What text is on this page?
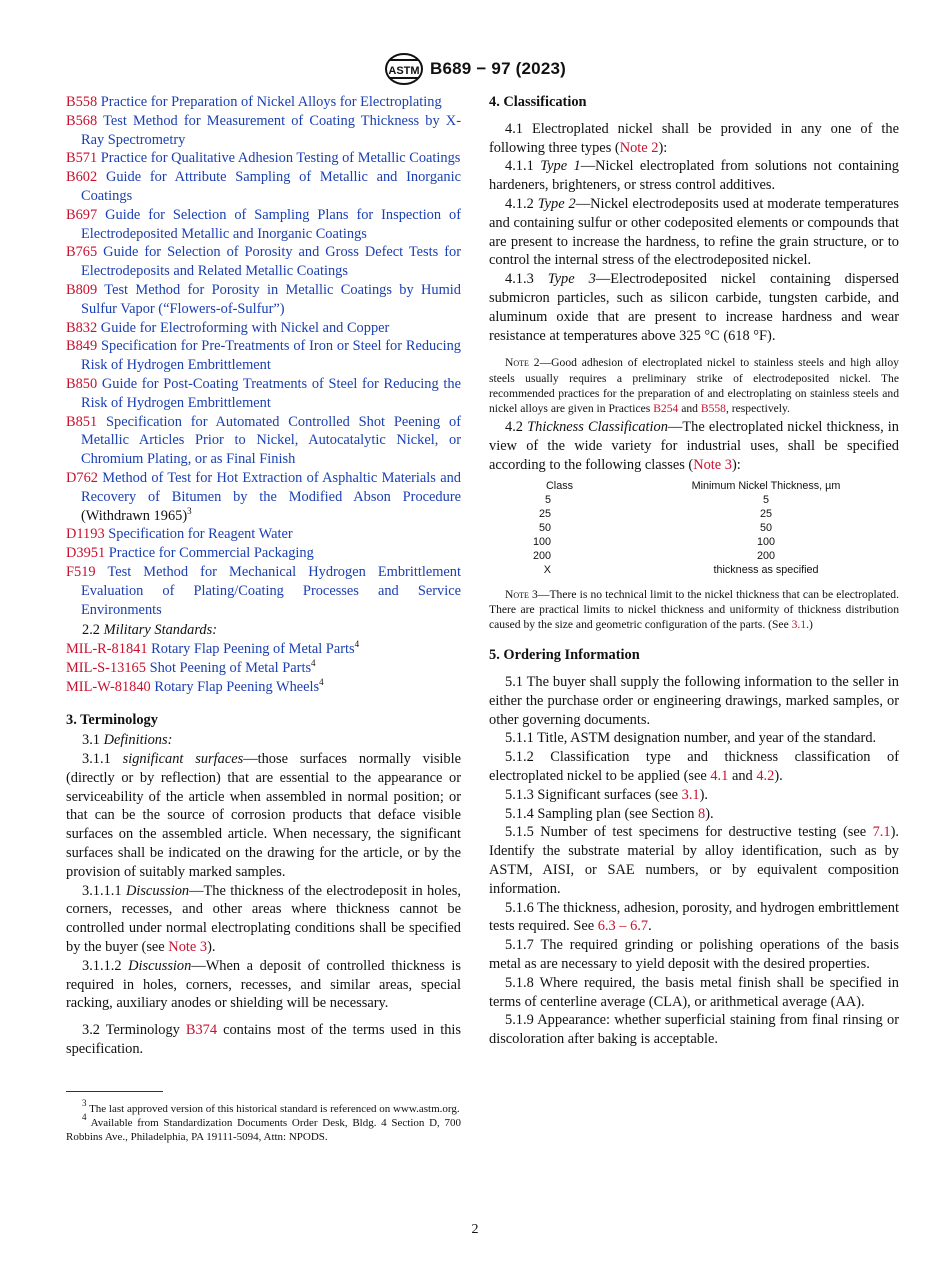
ASTM B689 − 97 (2023)

B558 Practice for Preparation of Nickel Alloys for Electroplating

B568 Test Method for Measurement of Coating Thickness by X-Ray Spectrometry

B571 Practice for Qualitative Adhesion Testing of Metallic Coatings

B602 Guide for Attribute Sampling of Metallic and Inorganic Coatings

B697 Guide for Selection of Sampling Plans for Inspection of Electrodeposited Metallic and Inorganic Coatings

B765 Guide for Selection of Porosity and Gross Defect Tests for Electrodeposits and Related Metallic Coatings

B809 Test Method for Porosity in Metallic Coatings by Humid Sulfur Vapor (“Flowers-of-Sulfur”)

B832 Guide for Electroforming with Nickel and Copper

B849 Specification for Pre-Treatments of Iron or Steel for Reducing Risk of Hydrogen Embrittlement

B850 Guide for Post-Coating Treatments of Steel for Reducing the Risk of Hydrogen Embrittlement

B851 Specification for Automated Controlled Shot Peening of Metallic Articles Prior to Nickel, Autocatalytic Nickel, or Chromium Plating, or as Final Finish

D762 Method of Test for Hot Extraction of Asphaltic Materials and Recovery of Bitumen by the Modified Abson Procedure (Withdrawn 1965)$^3$

D1193 Specification for Reagent Water

D3951 Practice for Commercial Packaging

F519 Test Method for Mechanical Hydrogen Embrittlement Evaluation of Plating/Coating Processes and Service Environments

2.2 Military Standards:

MIL-R-81841 Rotary Flap Peening of Metal Parts$^4$

MIL-S-13165 Shot Peening of Metal Parts$^4$

MIL-W-81840 Rotary Flap Peening Wheels$^4$

3. Terminology

3.1 Definitions:

3.1.1 significant surfaces—those surfaces normally visible (directly or by reflection) that are essential to the appearance or serviceability of the article when assembled in normal position; or that can be the source of corrosion products that deface visible surfaces on the assembled article. When necessary, the significant surfaces shall be indicated on the drawing for the article, or by the provision of suitably marked samples.

3.1.1.1 Discussion—The thickness of the electrodeposit in holes, corners, recesses, and other areas where thickness cannot be controlled under normal electroplating conditions shall be specified by the buyer (see Note 3).

3.1.1.2 Discussion—When a deposit of controlled thickness is required in holes, corners, recesses, and similar areas, special racking, auxiliary anodes or shielding will be necessary.

3.2 Terminology B374 contains most of the terms used in this specification.

$^3$ The last approved version of this historical standard is referenced on www.astm.org.

$^4$ Available from Standardization Documents Order Desk, Bldg. 4 Section D, 700 Robbins Ave., Philadelphia, PA 19111-5094, Attn: NPODS.

4. Classification

4.1 Electroplated nickel shall be provided in any one of the following three types (Note 2):

4.1.1 Type 1—Nickel electroplated from solutions not containing hardeners, brighteners, or stress control additives.

4.1.2 Type 2—Nickel electrodeposits used at moderate temperatures and containing sulfur or other codeposited elements or compounds that are present to increase the hardness, to refine the grain structure, or to control the internal stress of the electrodeposited nickel.

4.1.3 Type 3—Electrodeposited nickel containing dispersed submicron particles, such as silicon carbide, tungsten carbide, and aluminum oxide that are present to increase hardness and wear resistance at temperatures above 325 °C (618 °F).

Note 2—Good adhesion of electroplated nickel to stainless steels and high alloy steels usually requires a preliminary strike of electrodeposited nickel. The recommended practices for the preparation of and electroplating on stainless steels and nickel alloys are given in Practices B254 and B558, respectively.

4.2 Thickness Classification—The electroplated nickel thickness, in view of the wide variety for industrial uses, shall be specified according to the following classes (Note 3):

Class	Minimum Nickel Thickness, µm
5	5
25	25
50	50
100	100
200	200
X	thickness as specified

Note 3—There is no technical limit to the nickel thickness that can be electroplated. There are practical limits to nickel thickness and uniformity of thickness distribution caused by the size and geometric configuration of the parts. (See 3.1.)

5. Ordering Information

5.1 The buyer shall supply the following information to the seller in either the purchase order or engineering drawings, marked samples, or other governing documents.

5.1.1 Title, ASTM designation number, and year of the standard.

5.1.2 Classification type and thickness classification of electroplated nickel to be applied (see 4.1 and 4.2).

5.1.3 Significant surfaces (see 3.1).

5.1.4 Sampling plan (see Section 8).

5.1.5 Number of test specimens for destructive testing (see 7.1). Identify the substrate material by alloy identification, such as by ASTM, AISI, or SAE numbers, or by equivalent composition information.

5.1.6 The thickness, adhesion, porosity, and hydrogen embrittlement tests required. See 6.3 – 6.7.

5.1.7 The required grinding or polishing operations of the basis metal as are necessary to yield deposit with the desired properties.

5.1.8 Where required, the basis metal finish shall be specified in terms of centerline average (CLA), or arithmetical average (AA).

5.1.9 Appearance: whether superficial staining from final rinsing or discoloration after baking is acceptable.

2
